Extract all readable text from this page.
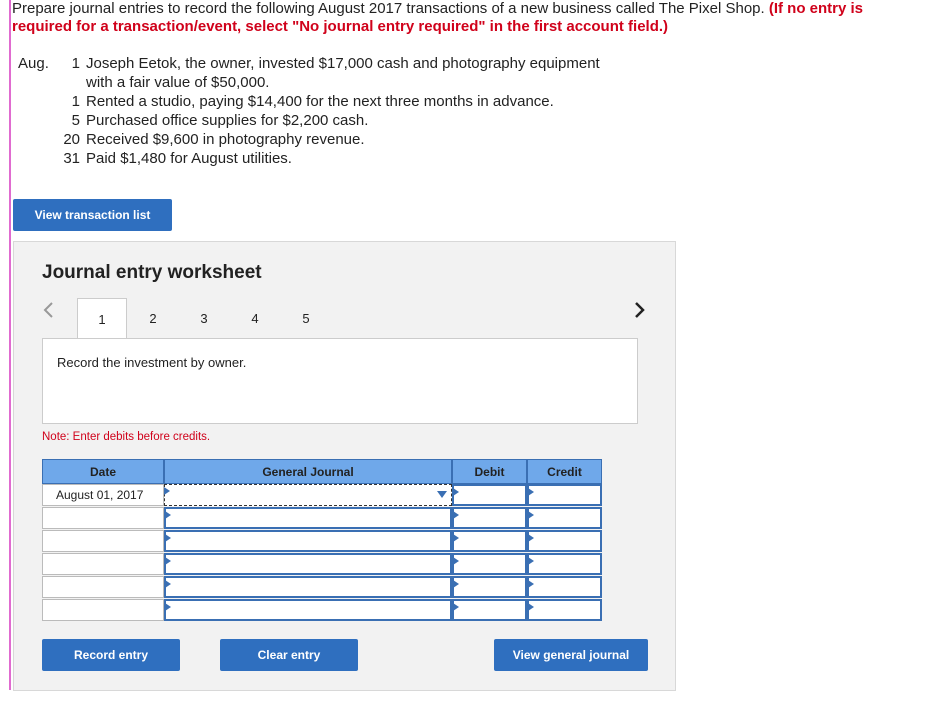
Prepare journal entries to record the following August 2017 transactions of a new business called The Pixel Shop. (If no entry is
required for a transaction/event, select "No journal entry required" in the first account field.)
Aug.	1 Joseph Eetok, the owner, invested $17,000 cash and photography equipment
with a fair value of $50,000.
1 Rented a studio, paying $14,400 for the next three months in advance.
5 Purchased office supplies for $2,200 cash.
20 Received $9,600 in photography revenue.
31 Paid $1,480 for August utilities.
View transaction list
Journal entry worksheet
1	2	3	4	5
Record the investment by owner.
Note: Enter debits before credits.
Date	General Journal	Debit	Credit
August 01, 2017
Record entry	Clear entry	View general journal
